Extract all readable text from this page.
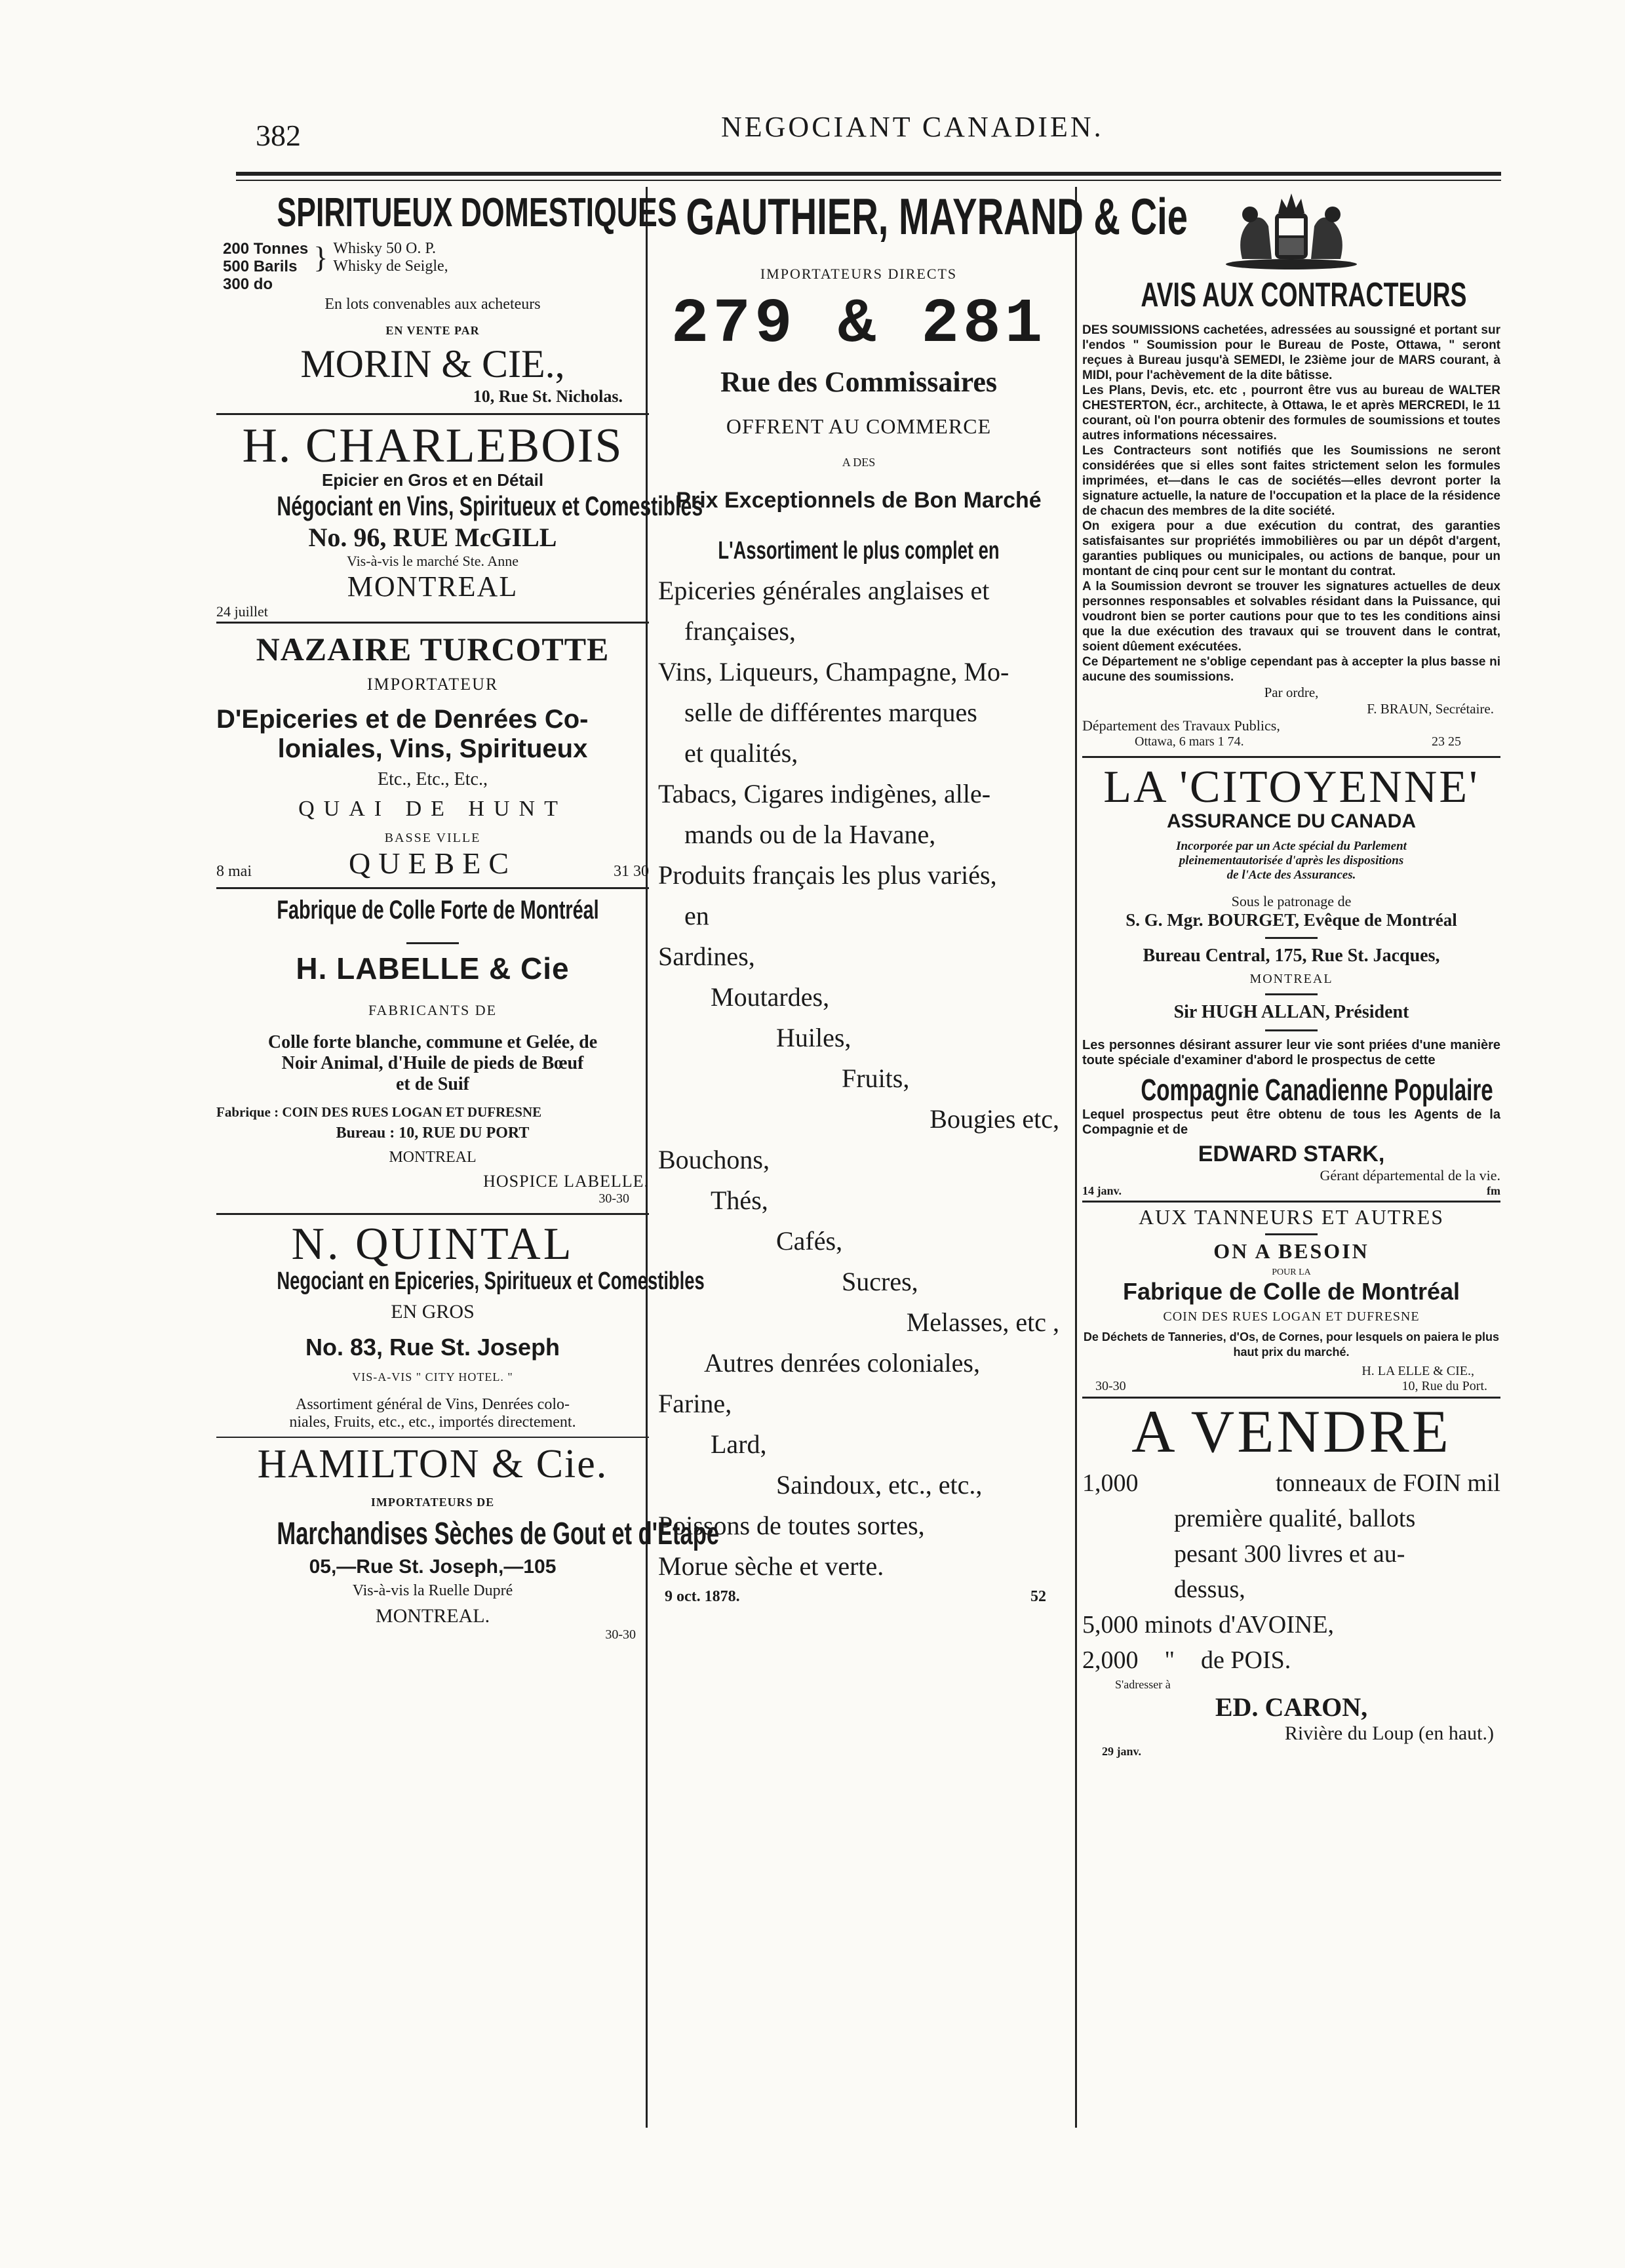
382	NEGOCIANT CANADIEN.
SPIRITUEUX DOMESTIQUES
200 Tonnes
500 Barils
300 do
} Whisky 50 O. P.
Whisky de Seigle,
En lots convenables aux acheteurs
EN VENTE PAR
MORIN & CIE.,
10, Rue St. Nicholas.
H. CHARLEBOIS
Epicier en Gros et en Détail
Négociant en Vins, Spiritueux et Comestibles
No. 96, RUE McGILL
Vis-à-vis le marché Ste. Anne
MONTREAL
24 juillet
NAZAIRE TURCOTTE
IMPORTATEUR
D'Epiceries et de Denrées Co-
loniales, Vins, Spiritueux
Etc., Etc., Etc.,
QUAI DE HUNT
BASSE VILLE
8 mai	QUEBEC	31 30
Fabrique de Colle Forte de Montréal
H. LABELLE & Cie
FABRICANTS DE
Colle forte blanche, commune et Gelée, de
Noir Animal, d'Huile de pieds de Bœuf
et de Suif
Fabrique : COIN DES RUES LOGAN ET DUFRESNE
Bureau : 10, RUE DU PORT
MONTREAL
HOSPICE LABELLE.
30-30
N. QUINTAL
Negociant en Epiceries, Spiritueux et Comestibles
EN GROS
No. 83, Rue St. Joseph
VIS-A-VIS " CITY HOTEL. "
Assortiment général de Vins, Denrées colo-
niales, Fruits, etc., etc., importés directement.
HAMILTON & Cie.
IMPORTATEURS DE
Marchandises Sèches de Gout et d'Etape
05,—Rue St. Joseph,—105
Vis-à-vis la Ruelle Dupré
MONTREAL.
30-30
GAUTHIER, MAYRAND & Cie
IMPORTATEURS DIRECTS
279 & 281
Rue des Commissaires
OFFRENT AU COMMERCE
A DES
Prix Exceptionnels de Bon Marché
L'Assortiment le plus complet en
Epiceries générales anglaises et
françaises,
Vins, Liqueurs, Champagne, Mo-
selle de différentes marques
et qualités,
Tabacs, Cigares indigènes, alle-
mands ou de la Havane,
Produits français les plus variés,
en
Sardines,
Moutardes,
Huiles,
Fruits,
Bougies etc,
Bouchons,
Thés,
Cafés,
Sucres,
Melasses, etc ,
Autres denrées coloniales,
Farine,
Lard,
Saindoux, etc., etc.,
Poissons de toutes sortes,
Morue sèche et verte.
9 oct. 1878.	52
AVIS AUX CONTRACTEURS
DES SOUMISSIONS cachetées, adressées au soussigné et portant sur l'endos " Soumission pour le Bureau de Poste, Ottawa, " seront reçues à Bureau jusqu'à SEMEDI, le 23ième jour de MARS courant, à MIDI, pour l'achèvement de la dite bâtisse.
Les Plans, Devis, etc. etc , pourront être vus au bureau de WALTER CHESTERTON, écr., architecte, à Ottawa, le et après MERCREDI, le 11 courant, où l'on pourra obtenir des formules de soumissions et toutes autres informations nécessaires.
Les Contracteurs sont notifiés que les Soumissions ne seront considérées que si elles sont faites strictement selon les formules imprimées, et—dans le cas de sociétés—elles devront porter la signature actuelle, la nature de l'occupation et la place de la résidence de chacun des membres de la dite société.
On exigera pour a due exécution du contrat, des garanties satisfaisantes sur propriétés immobilières ou par un dépôt d'argent, garanties publiques ou municipales, ou actions de banque, pour un montant de cinq pour cent sur le montant du contrat.
A la Soumission devront se trouver les signatures actuelles de deux personnes responsables et solvables résidant dans la Puissance, qui voudront bien se porter cautions pour que to tes les conditions ainsi que la due exécution des travaux qui se trouvent dans le contrat, soient dûement exécutées.
Ce Département ne s'oblige cependant pas à accepter la plus basse ni aucune des soumissions.
Par ordre,
F. BRAUN, Secrétaire.
Département des Travaux Publics,
Ottawa, 6 mars 1 74.	23 25
LA 'CITOYENNE'
ASSURANCE DU CANADA
Incorporée par un Acte spécial du Parlement
pleinementautorisée d'après les dispositions
de l'Acte des Assurances.
Sous le patronage de
S. G. Mgr. BOURGET, Evêque de Montréal
Bureau Central, 175, Rue St. Jacques,
MONTREAL
Sir HUGH ALLAN, Président
Les personnes désirant assurer leur vie sont priées d'une manière toute spéciale d'examiner d'abord le prospectus de cette
Compagnie Canadienne Populaire
Lequel prospectus peut être obtenu de tous les Agents de la Compagnie et de
EDWARD STARK,
Gérant départemental de la vie.
14 janv.	fm
AUX TANNEURS ET AUTRES
ON A BESOIN
POUR LA
Fabrique de Colle de Montréal
COIN DES RUES LOGAN ET DUFRESNE
De Déchets de Tanneries, d'Os, de Cornes, pour lesquels on paiera le plus haut prix du marché.
H. LA ELLE & CIE.,
30-30	10, Rue du Port.
A VENDRE
1,000	tonneaux de FOIN mil
première qualité, ballots
pesant 300 livres et au-
dessus,
5,000 minots d'AVOINE,
2,000 " de POIS.
S'adresser à
ED. CARON,
Rivière du Loup (en haut.)
29 janv.
